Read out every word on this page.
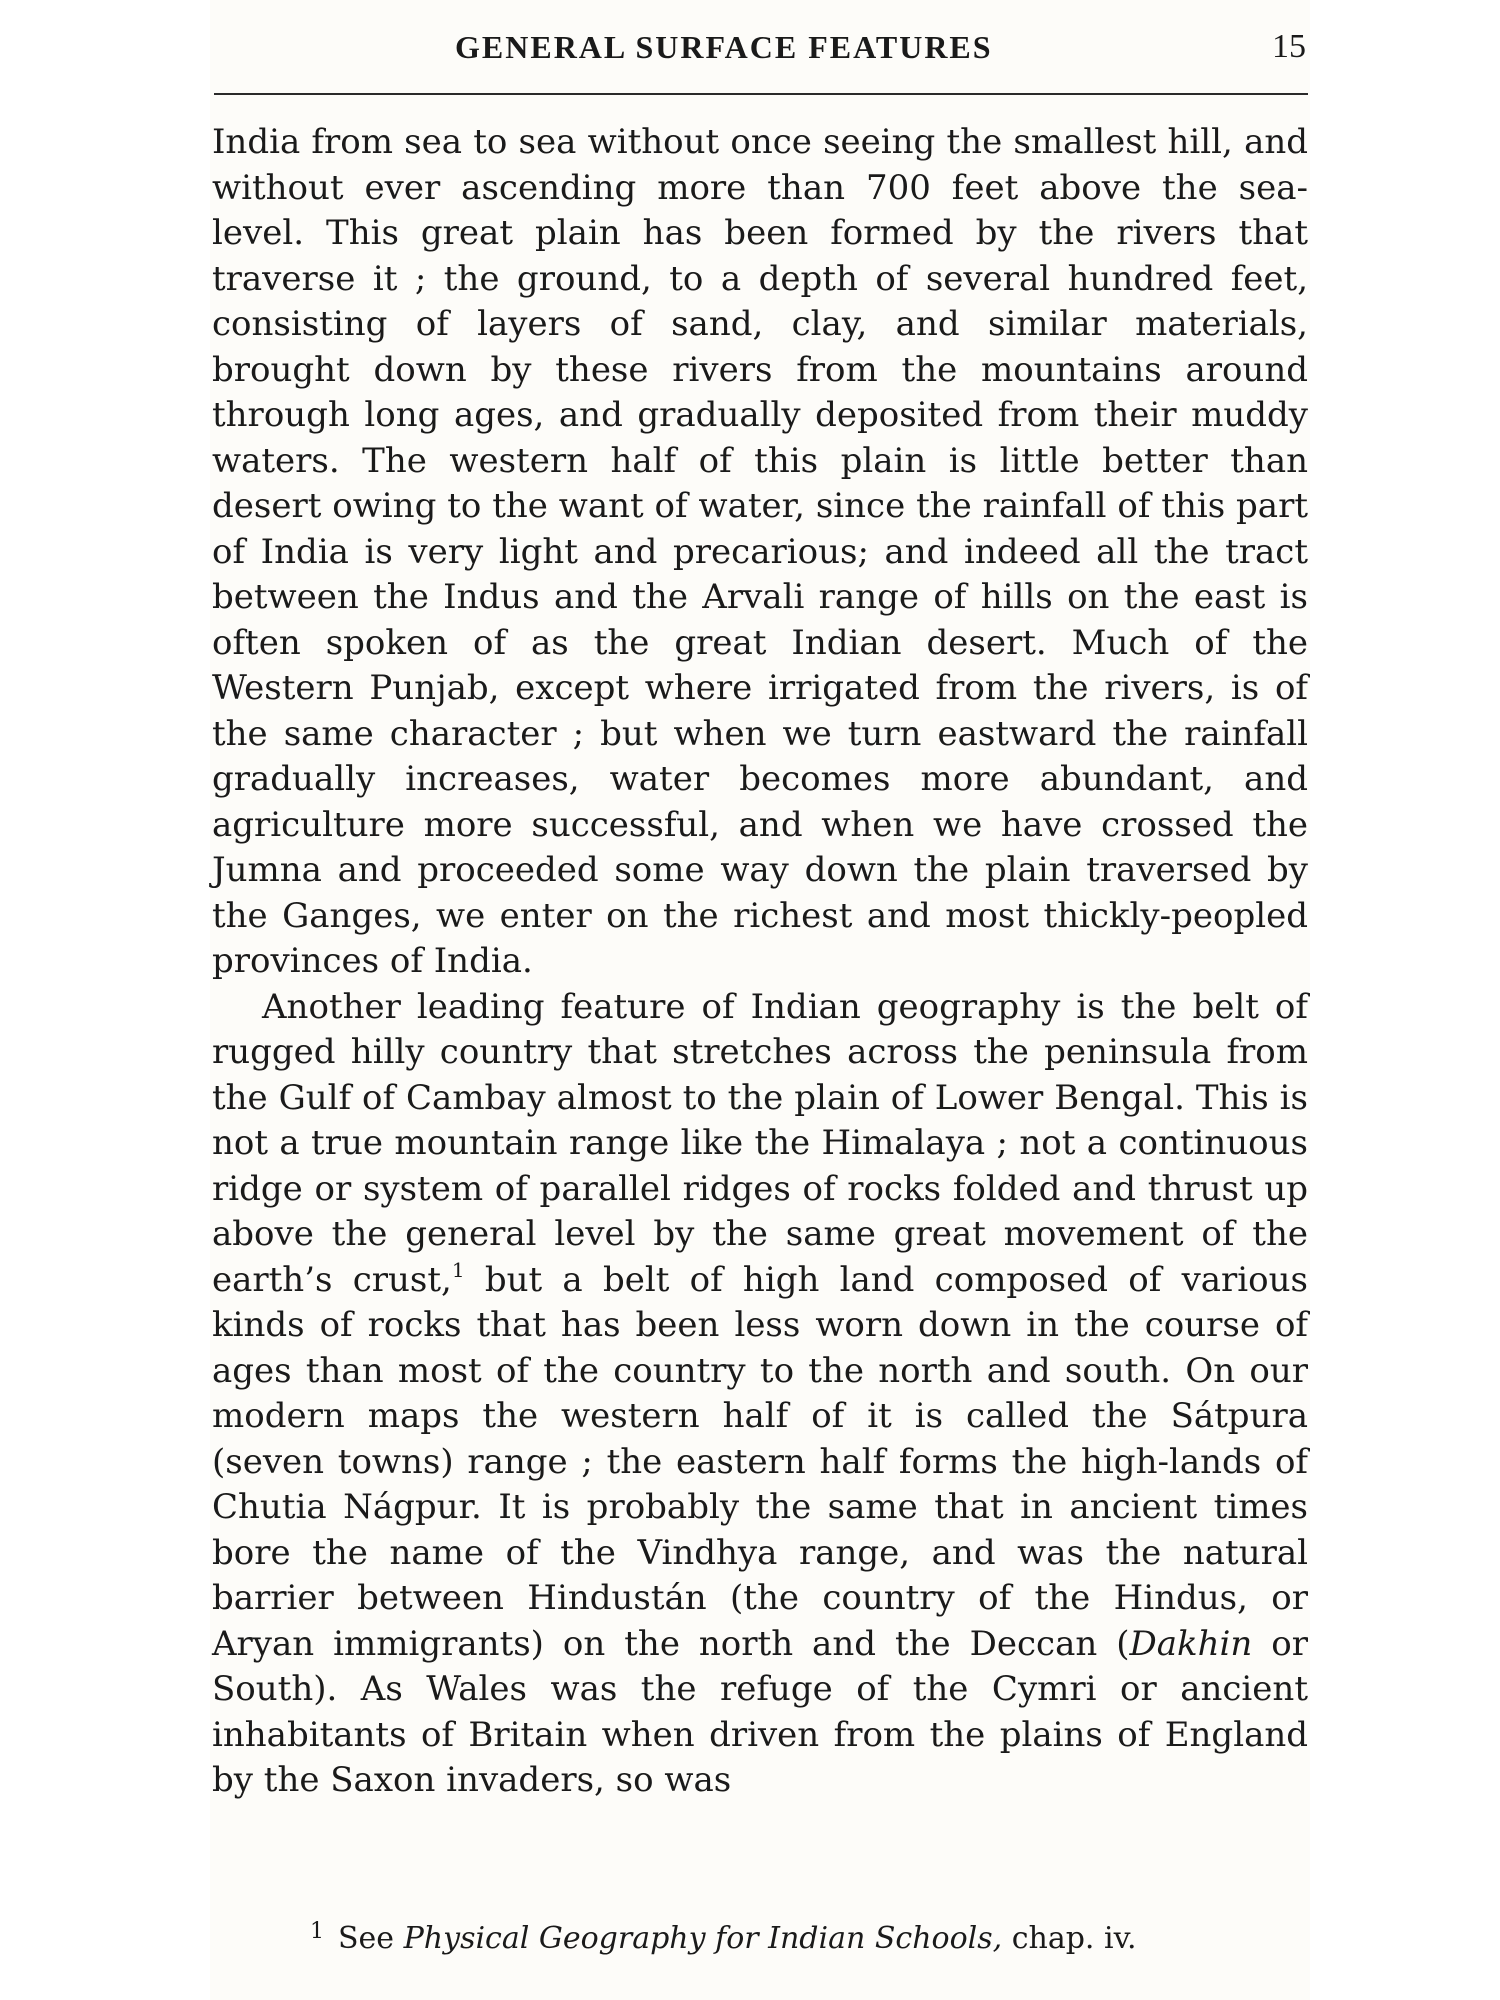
GENERAL SURFACE FEATURES	15

India from sea to sea without once seeing the smallest hill, and without ever ascending more than 700 feet above the sea-level. This great plain has been formed by the rivers that traverse it ; the ground, to a depth of several hundred feet, consisting of layers of sand, clay, and similar materials, brought down by these rivers from the mountains around through long ages, and gradually deposited from their muddy waters. The western half of this plain is little better than desert owing to the want of water, since the rainfall of this part of India is very light and precarious; and indeed all the tract between the Indus and the Arvali range of hills on the east is often spoken of as the great Indian desert. Much of the Western Punjab, except where irrigated from the rivers, is of the same character ; but when we turn eastward the rainfall gradually increases, water becomes more abundant, and agriculture more successful, and when we have crossed the Jumna and proceeded some way down the plain traversed by the Ganges, we enter on the richest and most thickly-peopled provinces of India.

Another leading feature of Indian geography is the belt of rugged hilly country that stretches across the peninsula from the Gulf of Cambay almost to the plain of Lower Bengal. This is not a true mountain range like the Himalaya ; not a continuous ridge or system of parallel ridges of rocks folded and thrust up above the general level by the same great movement of the earth’s crust,$^1$ but a belt of high land composed of various kinds of rocks that has been less worn down in the course of ages than most of the country to the north and south. On our modern maps the western half of it is called the Sátpura (seven towns) range ; the eastern half forms the high-lands of Chutia Nágpur. It is probably the same that in ancient times bore the name of the Vindhya range, and was the natural barrier between Hindustán (the country of the Hindus, or Aryan immigrants) on the north and the Deccan (Dakhin or South). As Wales was the refuge of the Cymri or ancient inhabitants of Britain when driven from the plains of England by the Saxon invaders, so was

$^1$ See Physical Geography for Indian Schools, chap. iv.
